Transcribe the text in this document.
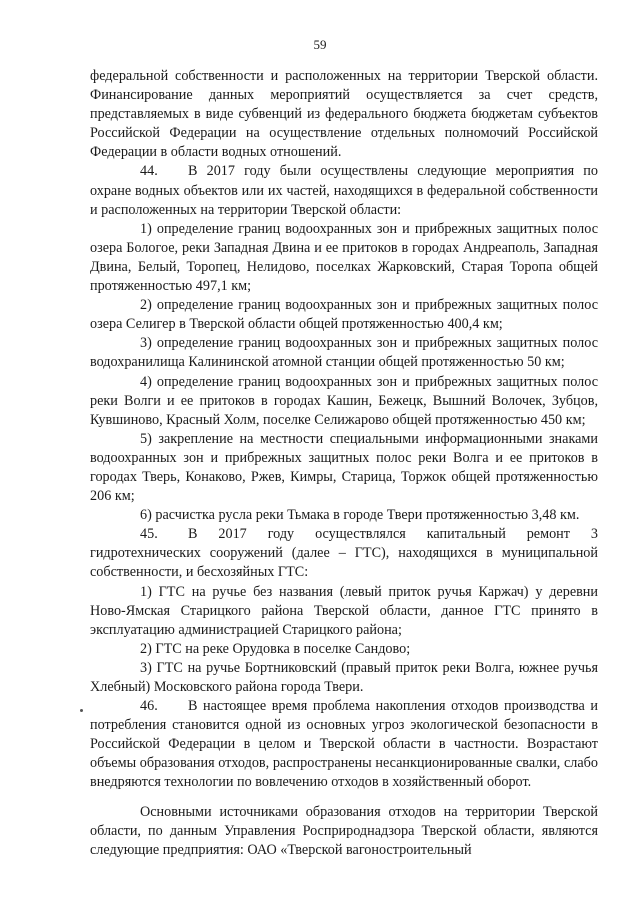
59

федеральной собственности и расположенных на территории Тверской области. Финансирование данных мероприятий осуществляется за счет средств, представляемых в виде субвенций из федерального бюджета бюджетам субъектов Российской Федерации на осуществление отдельных полномочий Российской Федерации в области водных отношений.

44. В 2017 году были осуществлены следующие мероприятия по охране водных объектов или их частей, находящихся в федеральной собственности и расположенных на территории Тверской области:

1) определение границ водоохранных зон и прибрежных защитных полос озера Бологое, реки Западная Двина и ее притоков в городах Андреаполь, Западная Двина, Белый, Торопец, Нелидово, поселках Жарковский, Старая Торопа общей протяженностью 497,1 км;

2) определение границ водоохранных зон и прибрежных защитных полос озера Селигер в Тверской области общей протяженностью 400,4 км;

3) определение границ водоохранных зон и прибрежных защитных полос водохранилища Калининской атомной станции общей протяженностью 50 км;

4) определение границ водоохранных зон и прибрежных защитных полос реки Волги и ее притоков в городах Кашин, Бежецк, Вышний Волочек, Зубцов, Кувшиново, Красный Холм, поселке Селижарово общей протяженностью 450 км;

5) закрепление на местности специальными информационными знаками водоохранных зон и прибрежных защитных полос реки Волга и ее притоков в городах Тверь, Конаково, Ржев, Кимры, Старица, Торжок общей протяженностью 206 км;

6) расчистка русла реки Тьмака в городе Твери протяженностью 3,48 км.

45. В 2017 году осуществлялся капитальный ремонт 3 гидротехнических сооружений (далее – ГТС), находящихся в муниципальной собственности, и бесхозяйных ГТС:

1) ГТС на ручье без названия (левый приток ручья Каржач) у деревни Ново-Ямская Старицкого района Тверской области, данное ГТС принято в эксплуатацию администрацией Старицкого района;

2) ГТС на реке Орудовка в поселке Сандово;

3) ГТС на ручье Бортниковский (правый приток реки Волга, южнее ручья Хлебный) Московского района города Твери.

46. В настоящее время проблема накопления отходов производства и потребления становится одной из основных угроз экологической безопасности в Российской Федерации в целом и Тверской области в частности. Возрастают объемы образования отходов, распространены несанкционированные свалки, слабо внедряются технологии по вовлечению отходов в хозяйственный оборот.

Основными источниками образования отходов на территории Тверской области, по данным Управления Росприроднадзора Тверской области, являются следующие предприятия: ОАО «Тверской вагоностроительный
